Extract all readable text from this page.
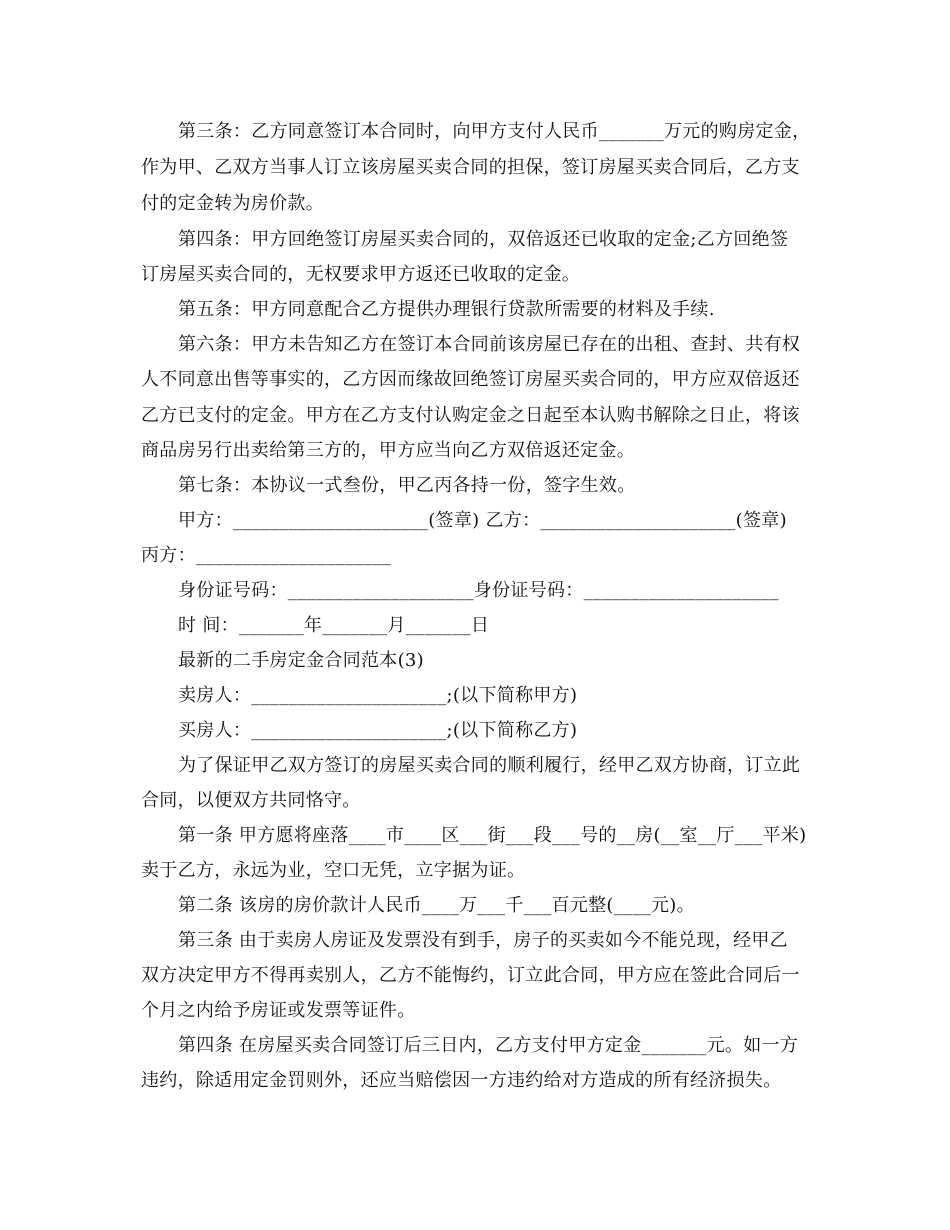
第三条：乙方同意签订本合同时，向甲方支付人民币_______万元的购房定金，
作为甲、乙双方当事人订立该房屋买卖合同的担保，签订房屋买卖合同后，乙方支
付的定金转为房价款。
第四条：甲方回绝签订房屋买卖合同的，双倍返还已收取的定金;乙方回绝签
订房屋买卖合同的，无权要求甲方返还已收取的定金。
第五条：甲方同意配合乙方提供办理银行贷款所需要的材料及手续.
第六条：甲方未告知乙方在签订本合同前该房屋已存在的出租、查封、共有权
人不同意出售等事实的，乙方因而缘故回绝签订房屋买卖合同的，甲方应双倍返还
乙方已支付的定金。甲方在乙方支付认购定金之日起至本认购书解除之日止，将该
商品房另行出卖给第三方的，甲方应当向乙方双倍返还定金。
第七条：本协议一式叁份，甲乙丙各持一份，签字生效。
甲方：_____________________(签章) 乙方：_____________________(签章)
丙方：_____________________
身份证号码：____________________身份证号码：_____________________
时 间：_______年_______月_______日
最新的二手房定金合同范本(3)
卖房人：_____________________;(以下简称甲方)
买房人：_____________________;(以下简称乙方)
为了保证甲乙双方签订的房屋买卖合同的顺利履行，经甲乙双方协商，订立此
合同，以便双方共同恪守。
第一条 甲方愿将座落____市____区___街___段___号的__房(__室__厅___平米)
卖于乙方，永远为业，空口无凭，立字据为证。
第二条 该房的房价款计人民币____万___千___百元整(____元)。
第三条 由于卖房人房证及发票没有到手，房子的买卖如今不能兑现，经甲乙
双方决定甲方不得再卖别人，乙方不能悔约，订立此合同，甲方应在签此合同后一
个月之内给予房证或发票等证件。
第四条 在房屋买卖合同签订后三日内，乙方支付甲方定金_______元。如一方
违约，除适用定金罚则外，还应当赔偿因一方违约给对方造成的所有经济损失。
